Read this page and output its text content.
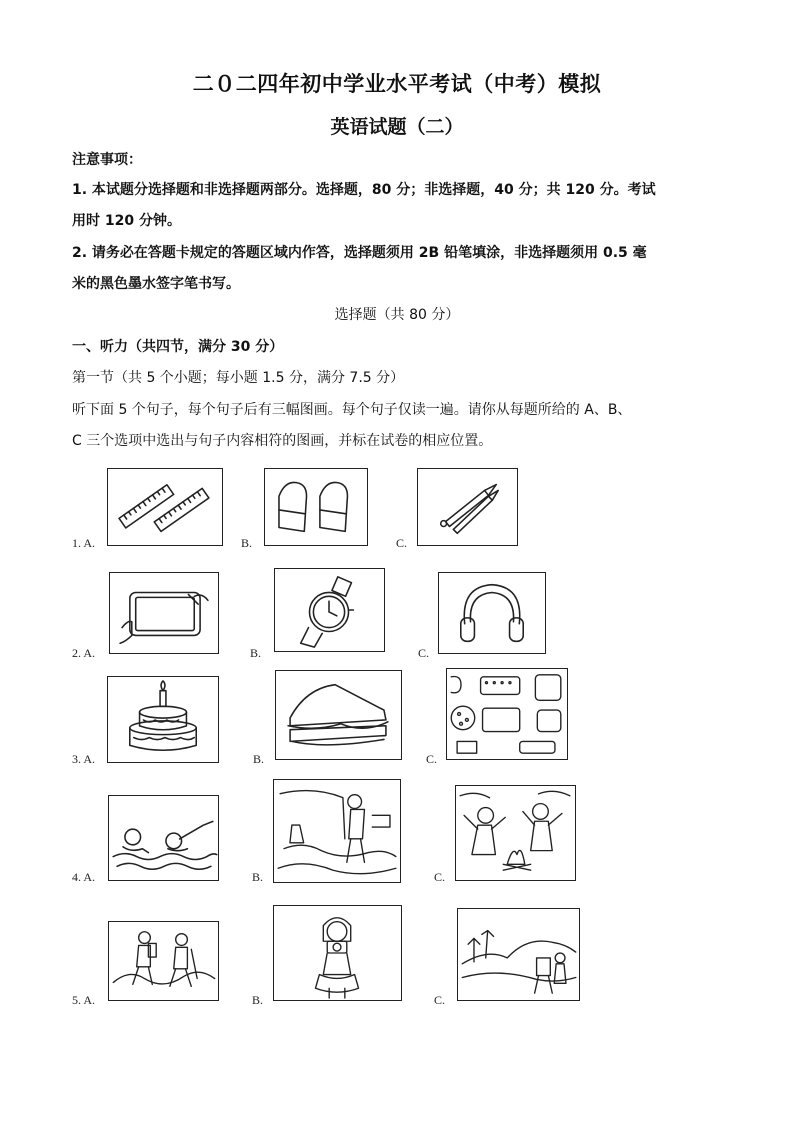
二０二四年初中学业水平考试（中考）模拟
英语试题（二）
注意事项：
1. 本试题分选择题和非选择题两部分。选择题，80 分；非选择题，40 分；共 120 分。考试
用时 120 分钟。
2. 请务必在答题卡规定的答题区域内作答，选择题须用 2B 铅笔填涂，非选择题须用 0.5 毫
米的黑色墨水签字笔书写。
选择题（共 80 分）
一、听力（共四节，满分 30 分）
第一节（共 5 个小题；每小题 1.5 分，满分 7.5 分）
听下面 5 个句子，每个句子后有三幅图画。每个句子仅读一遍。请你从每题所给的 A、B、
C 三个选项中选出与句子内容相符的图画，并标在试卷的相应位置。
1. A.	B.	C.
2. A.	B.	C.
3. A.	B.	C.
4. A.	B.	C.
5. A.	B.	C.
